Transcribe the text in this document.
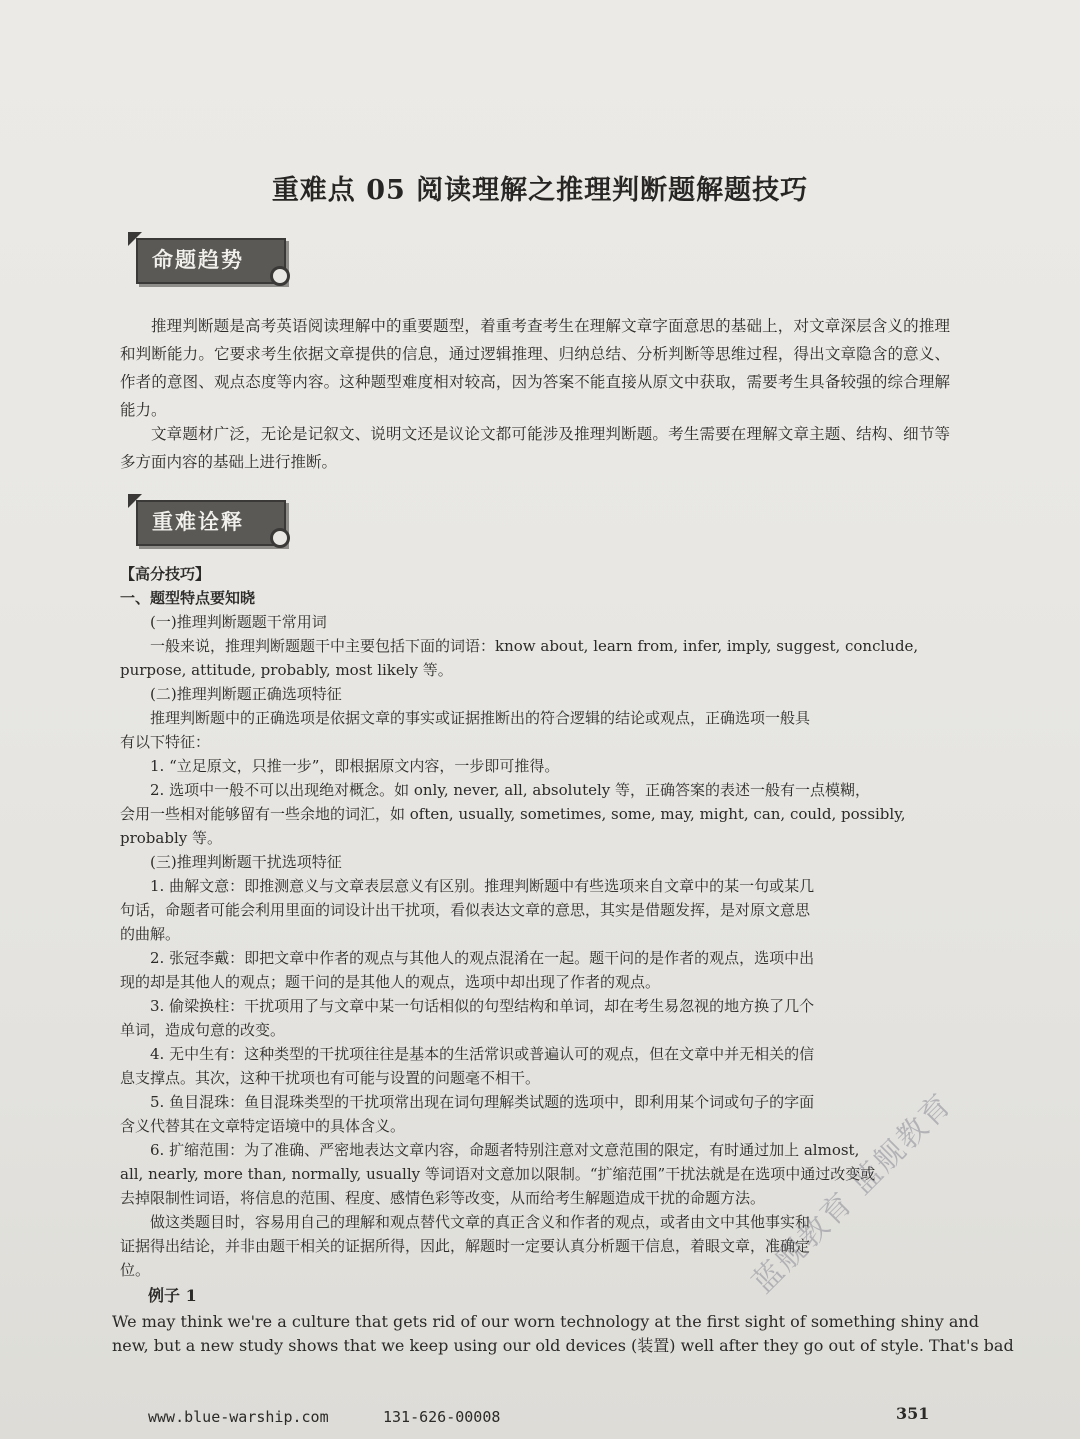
重难点 05 阅读理解之推理判断题解题技巧
命题趋势

推理判断题是高考英语阅读理解中的重要题型，着重考查考生在理解文章字面意思的基础上，对文章深层含义的推理和判断能力。它要求考生依据文章提供的信息，通过逻辑推理、归纳总结、分析判断等思维过程，得出文章隐含的意义、作者的意图、观点态度等内容。这种题型难度相对较高，因为答案不能直接从原文中获取，需要考生具备较强的综合理解能力。

文章题材广泛，无论是记叙文、说明文还是议论文都可能涉及推理判断题。考生需要在理解文章主题、结构、细节等多方面内容的基础上进行推断。

重难诠释

【高分技巧】

一、题型特点要知晓

　　(一)推理判断题题干常用词

　　一般来说，推理判断题题干中主要包括下面的词语：know about, learn from, infer, imply, suggest, conclude,

purpose, attitude, probably, most likely 等。

　　(二)推理判断题正确选项特征

　　推理判断题中的正确选项是依据文章的事实或证据推断出的符合逻辑的结论或观点，正确选项一般具

有以下特征：

　　1. “立足原文，只推一步”，即根据原文内容，一步即可推得。

　　2. 选项中一般不可以出现绝对概念。如 only, never, all, absolutely 等，正确答案的表述一般有一点模糊，

会用一些相对能够留有一些余地的词汇，如 often, usually, sometimes, some, may, might, can, could, possibly,

probably 等。

　　(三)推理判断题干扰选项特征

　　1. 曲解文意：即推测意义与文章表层意义有区别。推理判断题中有些选项来自文章中的某一句或某几

句话，命题者可能会利用里面的词设计出干扰项，看似表达文章的意思，其实是借题发挥，是对原文意思

的曲解。

　　2. 张冠李戴：即把文章中作者的观点与其他人的观点混淆在一起。题干问的是作者的观点，选项中出

现的却是其他人的观点；题干问的是其他人的观点，选项中却出现了作者的观点。

　　3. 偷梁换柱：干扰项用了与文章中某一句话相似的句型结构和单词，却在考生易忽视的地方换了几个

单词，造成句意的改变。

　　4. 无中生有：这种类型的干扰项往往是基本的生活常识或普遍认可的观点，但在文章中并无相关的信

息支撑点。其次，这种干扰项也有可能与设置的问题毫不相干。

　　5. 鱼目混珠：鱼目混珠类型的干扰项常出现在词句理解类试题的选项中，即利用某个词或句子的字面

含义代替其在文章特定语境中的具体含义。

　　6. 扩缩范围：为了准确、严密地表达文章内容，命题者特别注意对文意范围的限定，有时通过加上 almost,

all, nearly, more than, normally, usually 等词语对文意加以限制。“扩缩范围”干扰法就是在选项中通过改变或

去掉限制性词语，将信息的范围、程度、感情色彩等改变，从而给考生解题造成干扰的命题方法。

　　做这类题目时，容易用自己的理解和观点替代文章的真正含义和作者的观点，或者由文中其他事实和

证据得出结论，并非由题干相关的证据所得，因此，解题时一定要认真分析题干信息，着眼文章，准确定

位。

例子 1

We may think we're a culture that gets rid of our worn technology at the first sight of something shiny and

new, but a new study shows that we keep using our old devices (装置) well after they go out of style. That's bad

蓝舰教育 蓝舰教育
www.blue-warship.com	131-626-00008	351
